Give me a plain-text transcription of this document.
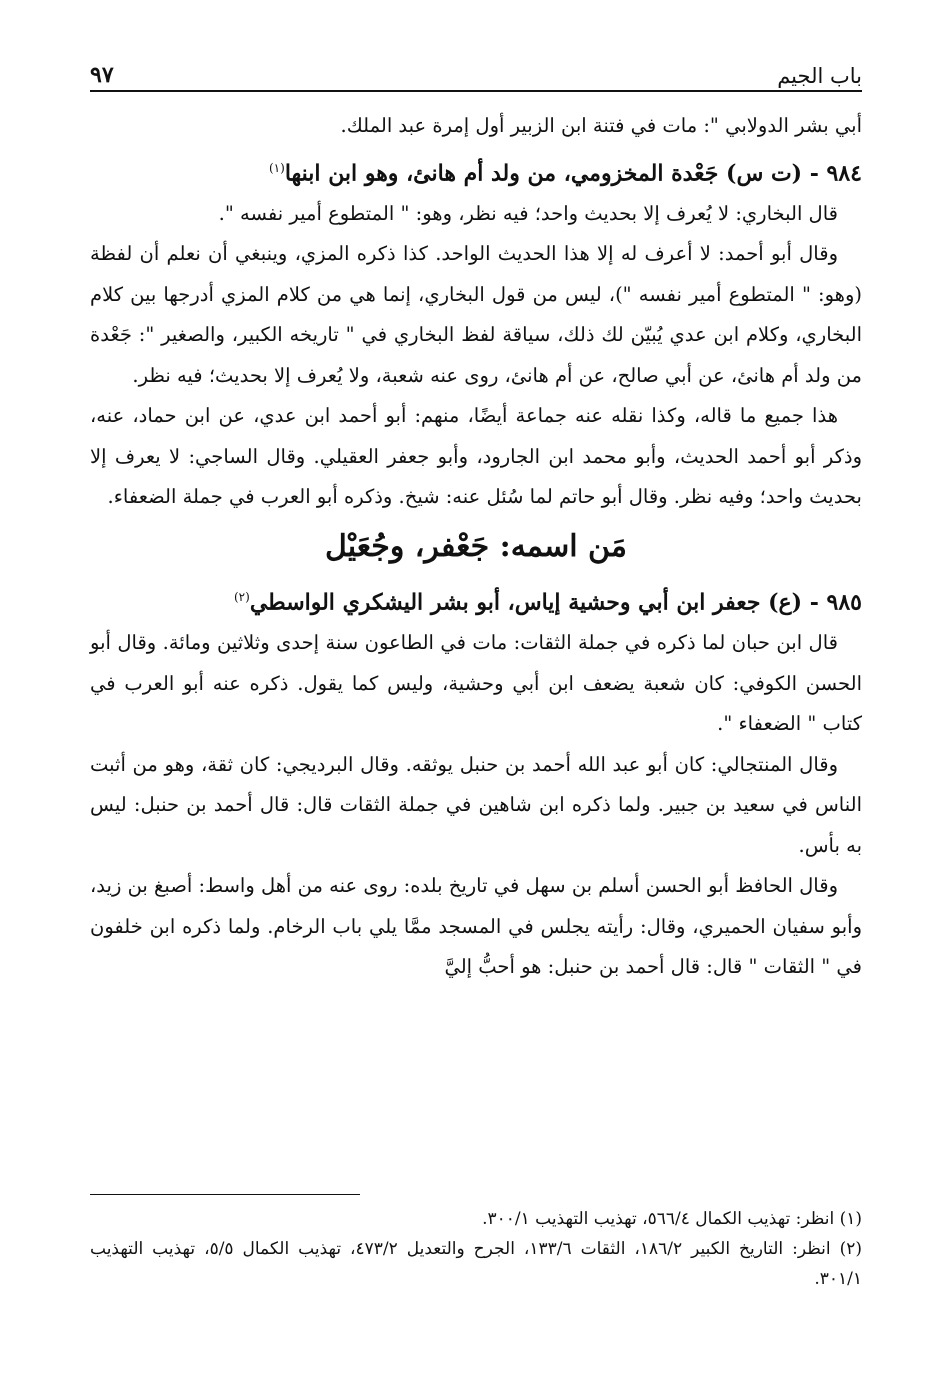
باب الجيم
٩٧

أبي بشر الدولابي ": مات في فتنة ابن الزبير أول إمرة عبد الملك.

٩٨٤ - (ت س) جَعْدة المخزومي، من ولد أم هانئ، وهو ابن ابنها$^{(١)}$

قال البخاري: لا يُعرف إلا بحديث واحد؛ فيه نظر، وهو: " المتطوع أمير نفسه ".

وقال أبو أحمد: لا أعرف له إلا هذا الحديث الواحد. كذا ذكره المزي، وينبغي أن نعلم أن لفظة (وهو: " المتطوع أمير نفسه ")، ليس من قول البخاري، إنما هي من كلام المزي أدرجها بين كلام البخاري، وكلام ابن عدي يُبيّن لك ذلك، سياقة لفظ البخاري في " تاريخه الكبير، والصغير ": جَعْدة من ولد أم هانئ، عن أبي صالح، عن أم هانئ، روى عنه شعبة، ولا يُعرف إلا بحديث؛ فيه نظر.

هذا جميع ما قاله، وكذا نقله عنه جماعة أيضًا، منهم: أبو أحمد ابن عدي، عن ابن حماد، عنه، وذكر أبو أحمد الحديث، وأبو محمد ابن الجارود، وأبو جعفر العقيلي. وقال الساجي: لا يعرف إلا بحديث واحد؛ وفيه نظر. وقال أبو حاتم لما سُئل عنه: شيخ. وذكره أبو العرب في جملة الضعفاء.

مَن اسمه: جَعْفر، وجُعَيْل

٩٨٥ - (ع) جعفر ابن أبي وحشية إياس، أبو بشر اليشكري الواسطي$^{(٢)}$

قال ابن حبان لما ذكره في جملة الثقات: مات في الطاعون سنة إحدى وثلاثين ومائة. وقال أبو الحسن الكوفي: كان شعبة يضعف ابن أبي وحشية، وليس كما يقول. ذكره عنه أبو العرب في كتاب " الضعفاء ".

وقال المنتجالي: كان أبو عبد الله أحمد بن حنبل يوثقه. وقال البرديجي: كان ثقة، وهو من أثبت الناس في سعيد بن جبير. ولما ذكره ابن شاهين في جملة الثقات قال: قال أحمد بن حنبل: ليس به بأس.

وقال الحافظ أبو الحسن أسلم بن سهل في تاريخ بلده: روى عنه من أهل واسط: أصبغ بن زيد، وأبو سفيان الحميري، وقال: رأيته يجلس في المسجد ممَّا يلي باب الرخام. ولما ذكره ابن خلفون في " الثقات " قال: قال أحمد بن حنبل: هو أحبُّ إليَّ

(١) انظر: تهذيب الكمال ٥٦٦/٤، تهذيب التهذيب ٣٠٠/١.

(٢) انظر: التاريخ الكبير ١٨٦/٢، الثقات ١٣٣/٦، الجرح والتعديل ٤٧٣/٢، تهذيب الكمال ٥/٥، تهذيب التهذيب ٣٠١/١.
